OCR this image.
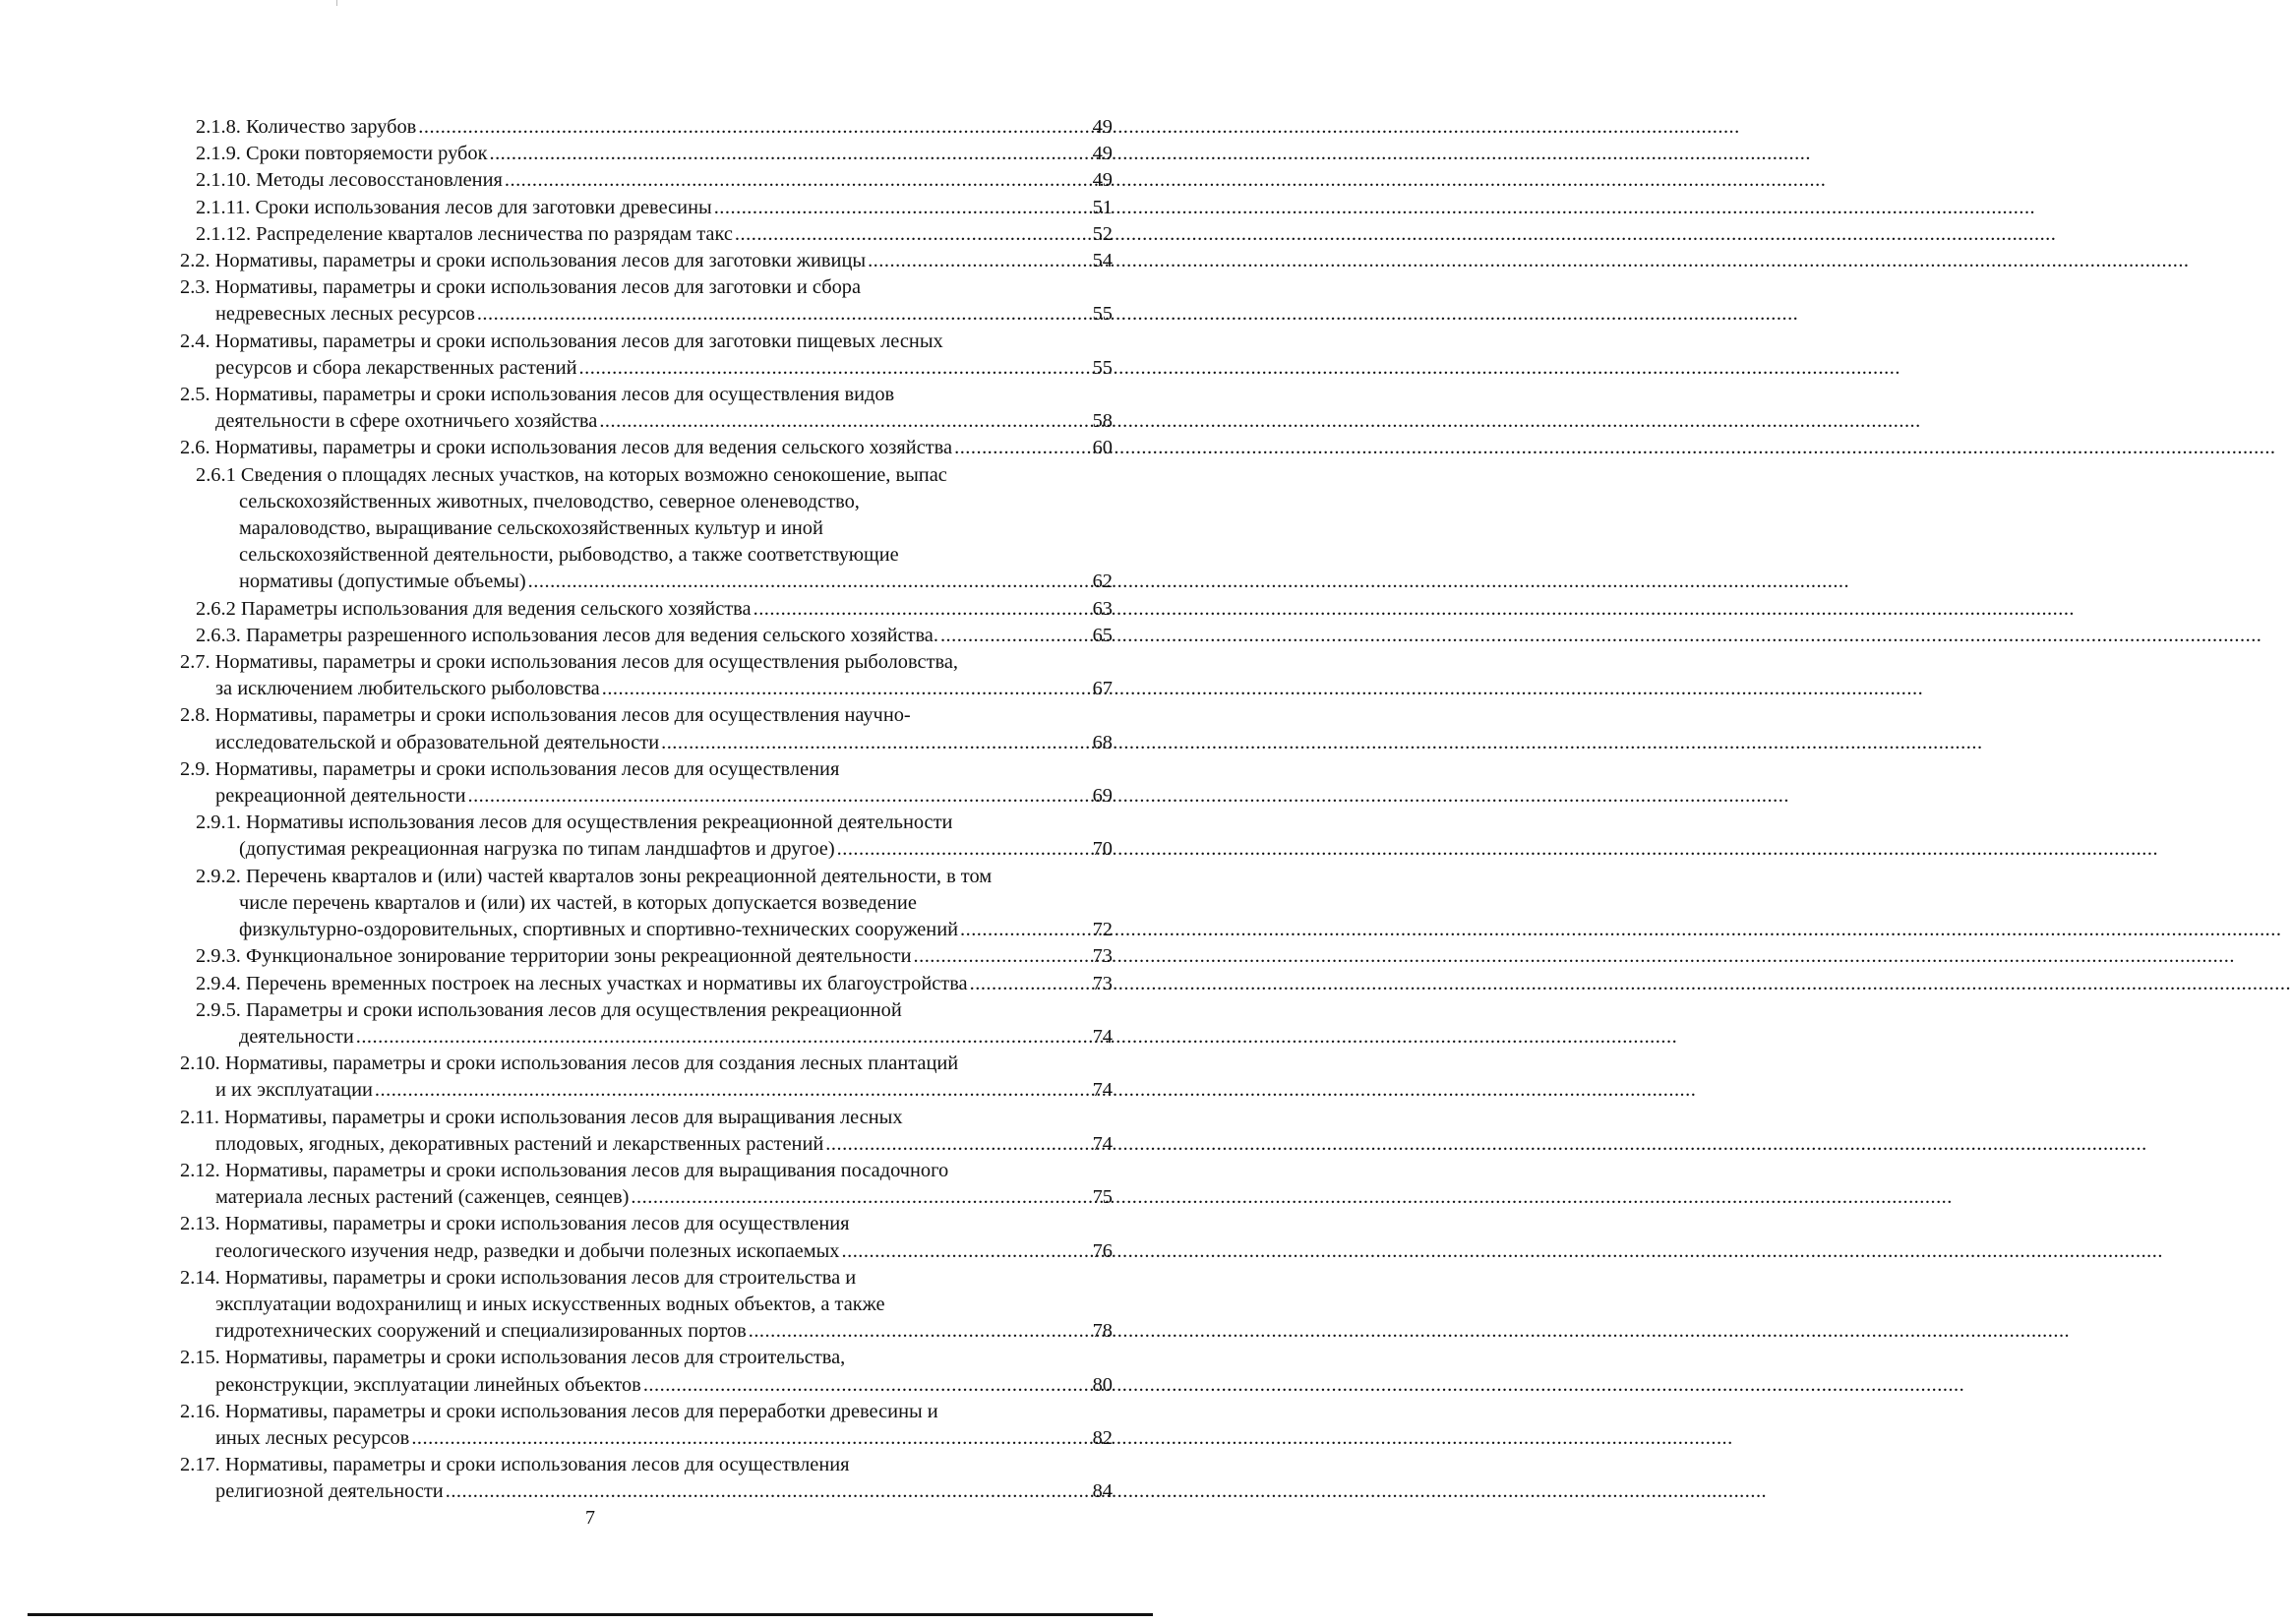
2.1.8. Количество зарубов .....	49
2.1.9. Сроки повторяемости рубок .....	49
2.1.10. Методы лесовосстановления .....	49
2.1.11. Сроки использования лесов для заготовки древесины .....	51
2.1.12. Распределение кварталов лесничества по разрядам такс .....	52
2.2. Нормативы, параметры и сроки использования лесов для заготовки живицы .....	54
2.3. Нормативы, параметры и сроки использования лесов для заготовки и сбора
недревесных лесных ресурсов .....	55
2.4. Нормативы, параметры и сроки использования лесов для заготовки пищевых лесных
ресурсов и сбора лекарственных растений .....	55
2.5. Нормативы, параметры и сроки использования лесов для осуществления видов
деятельности в сфере охотничьего хозяйства .....	58
2.6. Нормативы, параметры и сроки использования лесов для ведения сельского хозяйства .....	60
2.6.1 Сведения о площадях лесных участков, на которых возможно сенокошение, выпас
сельскохозяйственных животных, пчеловодство, северное оленеводство,
мараловодство, выращивание сельскохозяйственных культур и иной
сельскохозяйственной деятельности, рыбоводство, а также соответствующие
нормативы (допустимые объемы) .....	62
2.6.2 Параметры использования для ведения сельского хозяйства .....	63
2.6.3. Параметры разрешенного использования лесов для ведения сельского хозяйства. .....	65
2.7. Нормативы, параметры и сроки использования лесов для осуществления рыболовства,
за исключением любительского рыболовства .....	67
2.8. Нормативы, параметры и сроки использования лесов для осуществления научно-
исследовательской и образовательной деятельности .....	68
2.9. Нормативы, параметры и сроки использования лесов для осуществления
рекреационной деятельности .....	69
2.9.1. Нормативы использования лесов для осуществления рекреационной деятельности
(допустимая рекреационная нагрузка по типам ландшафтов и другое) .....	70
2.9.2. Перечень кварталов и (или) частей кварталов зоны рекреационной деятельности, в том
числе перечень кварталов и (или) их частей, в которых допускается возведение
физкультурно-оздоровительных, спортивных и спортивно-технических сооружений .....	72
2.9.3. Функциональное зонирование территории зоны рекреационной деятельности .....	73
2.9.4. Перечень временных построек на лесных участках и нормативы их благоустройства .....	73
2.9.5. Параметры и сроки использования лесов для осуществления рекреационной
деятельности .....	74
2.10. Нормативы, параметры и сроки использования лесов для создания лесных плантаций
и их эксплуатации .....	74
2.11. Нормативы, параметры и сроки использования лесов для выращивания лесных
плодовых, ягодных, декоративных растений и лекарственных растений .....	74
2.12. Нормативы, параметры и сроки использования лесов для выращивания посадочного
материала лесных растений (саженцев, сеянцев) .....	75
2.13. Нормативы, параметры и сроки использования лесов для осуществления
геологического изучения недр, разведки и добычи полезных ископаемых .....	76
2.14. Нормативы, параметры и сроки использования лесов для строительства и
эксплуатации водохранилищ и иных искусственных водных объектов, а также
гидротехнических сооружений и специализированных портов .....	78
2.15. Нормативы, параметры и сроки использования лесов для строительства,
реконструкции, эксплуатации линейных объектов .....	80
2.16. Нормативы, параметры и сроки использования лесов для переработки древесины и
иных лесных ресурсов .....	82
2.17. Нормативы, параметры и сроки использования лесов для осуществления
религиозной деятельности .....	84
7
